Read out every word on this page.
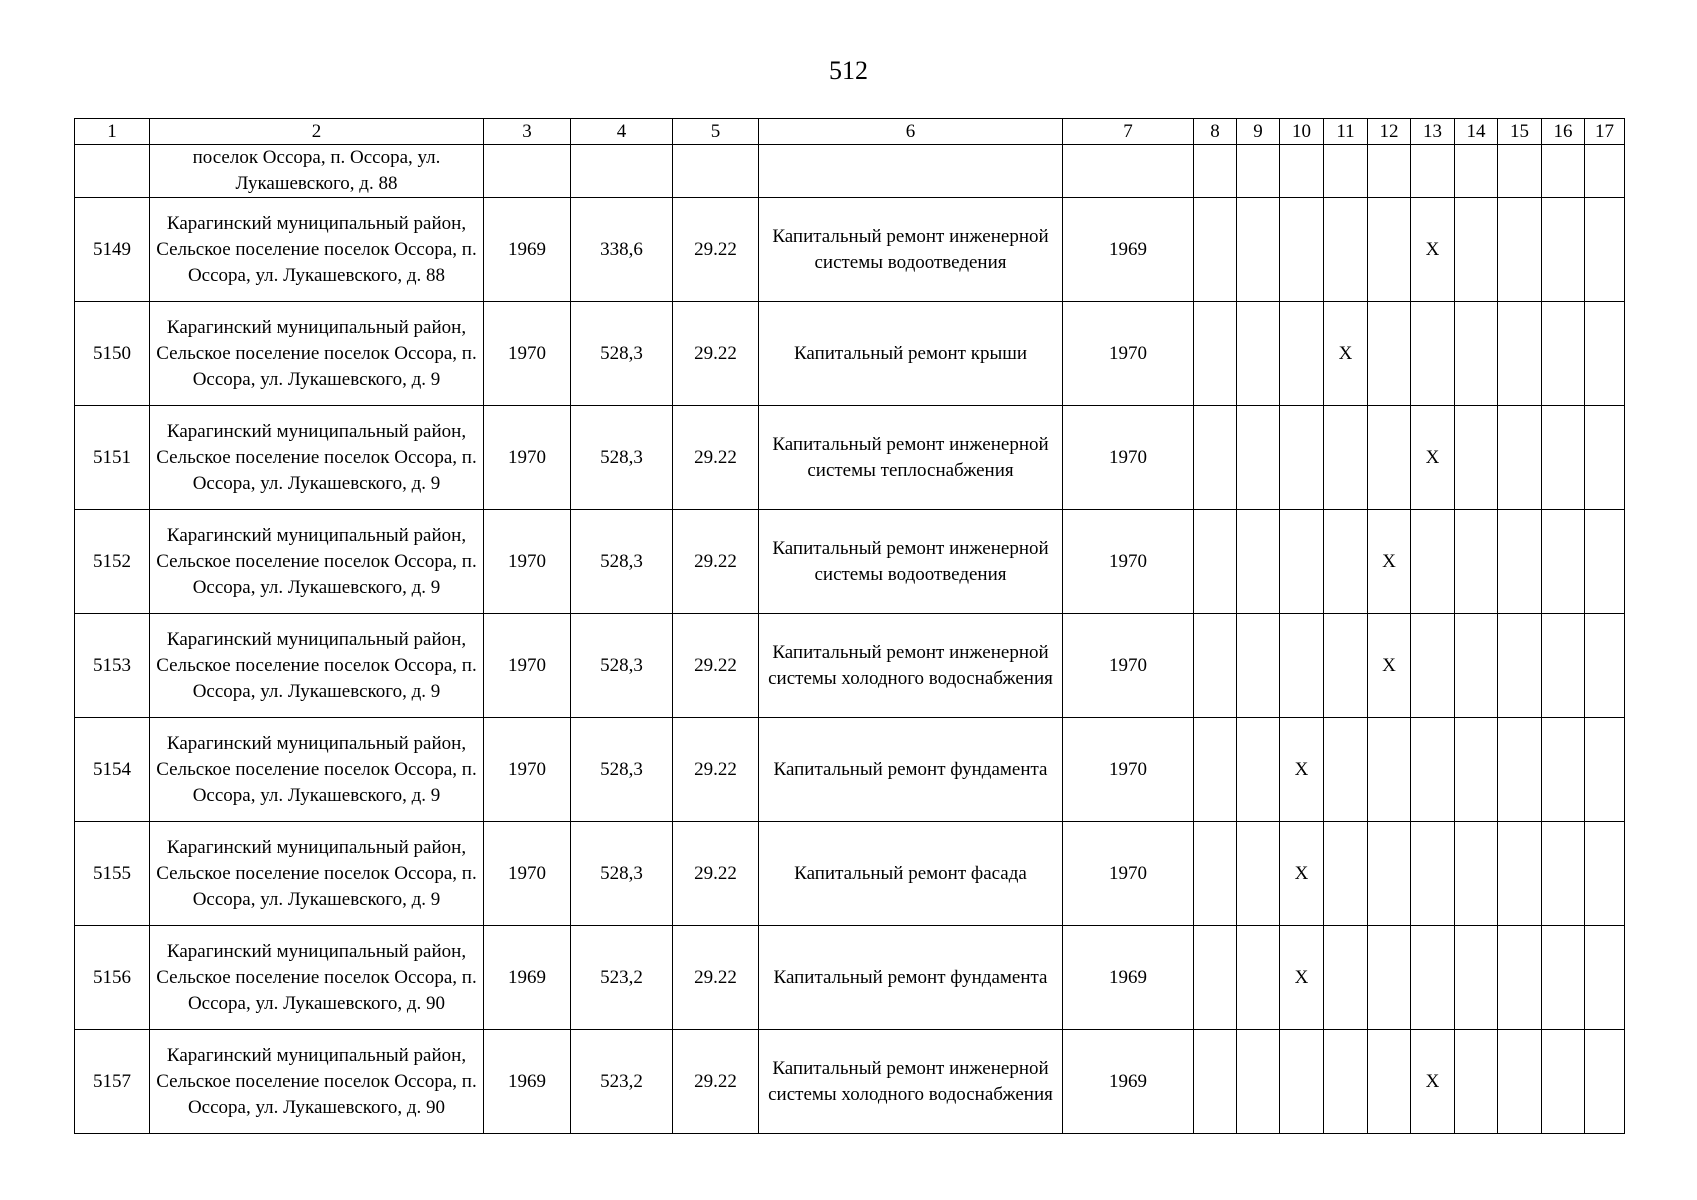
512
1	2	3	4	5	6	7	8	9	10	11	12	13	14	15	16	17
	поселок Оссора, п. Оссора, ул. Лукашевского, д. 88															
5149	Карагинский муниципальный район, Сельское поселение поселок Оссора, п. Оссора, ул. Лукашевского, д. 88	1969	338,6	29.22	Капитальный ремонт инженерной системы водоотведения	1969						X				
5150	Карагинский муниципальный район, Сельское поселение поселок Оссора, п. Оссора, ул. Лукашевского, д. 9	1970	528,3	29.22	Капитальный ремонт крыши	1970				X						
5151	Карагинский муниципальный район, Сельское поселение поселок Оссора, п. Оссора, ул. Лукашевского, д. 9	1970	528,3	29.22	Капитальный ремонт инженерной системы теплоснабжения	1970						X				
5152	Карагинский муниципальный район, Сельское поселение поселок Оссора, п. Оссора, ул. Лукашевского, д. 9	1970	528,3	29.22	Капитальный ремонт инженерной системы водоотведения	1970					X					
5153	Карагинский муниципальный район, Сельское поселение поселок Оссора, п. Оссора, ул. Лукашевского, д. 9	1970	528,3	29.22	Капитальный ремонт инженерной системы холодного водоснабжения	1970					X					
5154	Карагинский муниципальный район, Сельское поселение поселок Оссора, п. Оссора, ул. Лукашевского, д. 9	1970	528,3	29.22	Капитальный ремонт фундамента	1970			X							
5155	Карагинский муниципальный район, Сельское поселение поселок Оссора, п. Оссора, ул. Лукашевского, д. 9	1970	528,3	29.22	Капитальный ремонт фасада	1970			X							
5156	Карагинский муниципальный район, Сельское поселение поселок Оссора, п. Оссора, ул. Лукашевского, д. 90	1969	523,2	29.22	Капитальный ремонт фундамента	1969			X							
5157	Карагинский муниципальный район, Сельское поселение поселок Оссора, п. Оссора, ул. Лукашевского, д. 90	1969	523,2	29.22	Капитальный ремонт инженерной системы холодного водоснабжения	1969						X				
